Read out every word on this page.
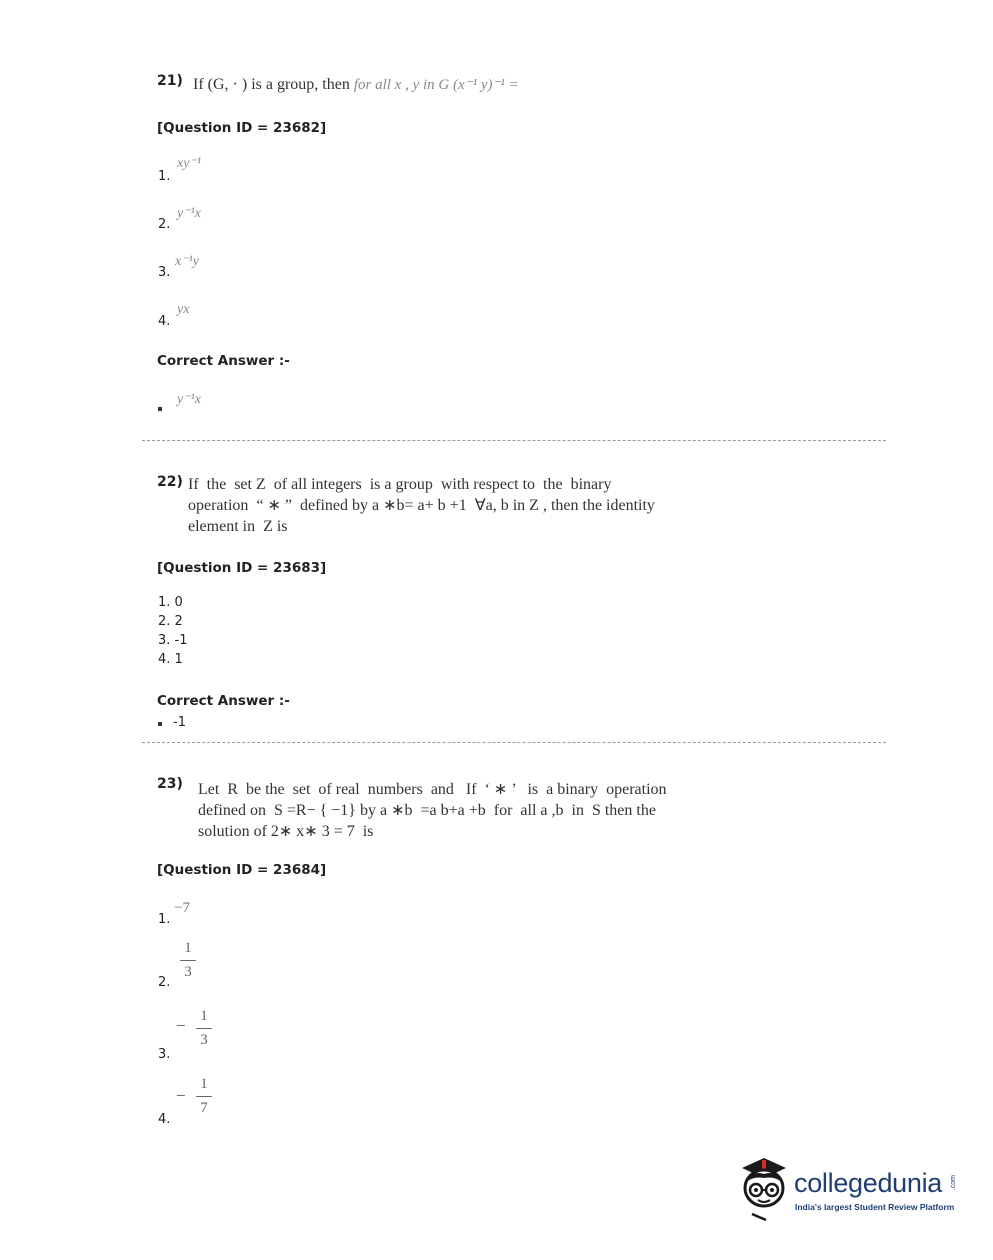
21) If (G, · ) is a group, then for all x , y in G (x⁻¹ y)⁻¹ =
[Question ID = 23682]
1.
xy⁻¹
2.
y⁻¹x
3.
x⁻¹y
4.
yx
Correct Answer :-
y⁻¹x
22) If  the  set Z  of all integers  is a group  with respect to  the  binary
operation  “ ∗ ”  defined by a ∗b= a+ b +1  ∀a, b in Z , then the identity
element in  Z is
[Question ID = 23683]
1. 0
2. 2
3. -1
4. 1
Correct Answer :-
-1
23) Let  R  be the  set  of real  numbers  and   If  ‘ ∗ ’   is  a binary  operation
defined on  S =R− { −1} by a ∗b  =a b+a +b  for  all a ,b  in  S then the
solution of 2∗ x∗ 3 = 7  is
[Question ID = 23684]
1.
−7
2.
1
3
3.
− 1
3
4.
−
1
7
collegedunia .com
India's largest Student Review Platform
